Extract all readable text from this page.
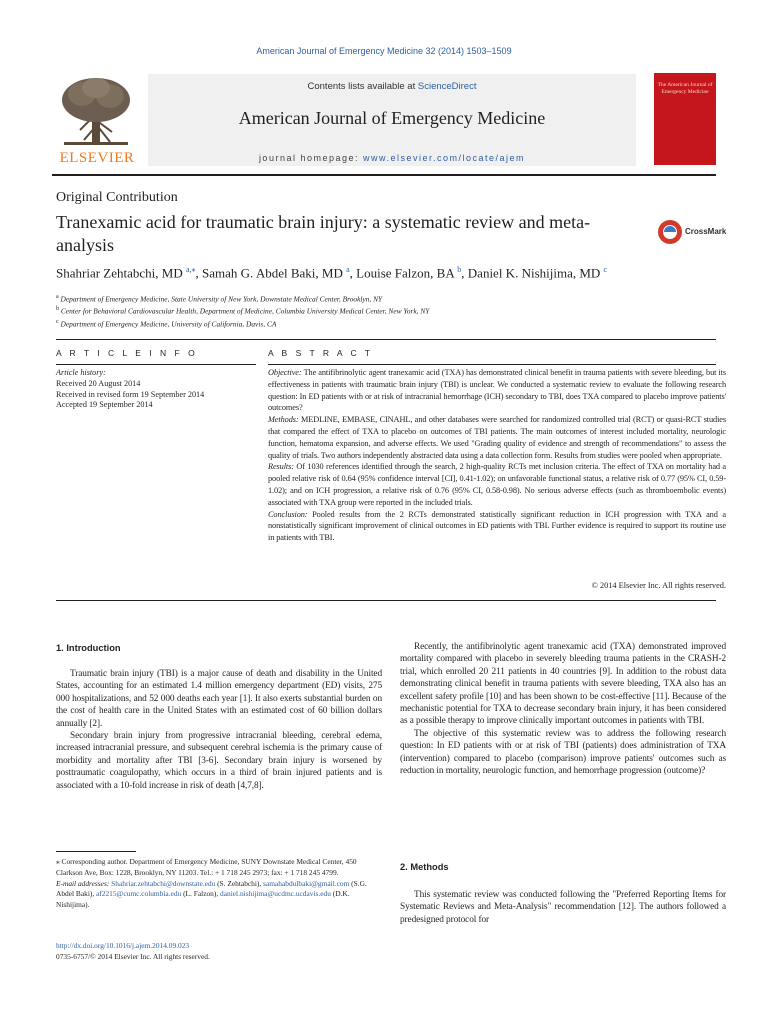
American Journal of Emergency Medicine 32 (2014) 1503–1509
ELSEVIER
Contents lists available at ScienceDirect
American Journal of Emergency Medicine
journal homepage: www.elsevier.com/locate/ajem
The American Journal of Emergency Medicine
Original Contribution
Tranexamic acid for traumatic brain injury: a systematic review and meta-analysis
CrossMark
Shahriar Zehtabchi, MD $^{a,⁎}$, Samah G. Abdel Baki, MD $^a$, Louise Falzon, BA $^b$, Daniel K. Nishijima, MD $^c$
$^a$ Department of Emergency Medicine, State University of New York, Downstate Medical Center, Brooklyn, NY
$^b$ Center for Behavioral Cardiovascular Health, Department of Medicine, Columbia University Medical Center, New York, NY
$^c$ Department of Emergency Medicine, University of California, Davis, CA
A R T I C L E I N F O	A B S T R A C T
Article history:
Received 20 August 2014
Received in revised form 19 September 2014
Accepted 19 September 2014
Objective: The antifibrinolytic agent tranexamic acid (TXA) has demonstrated clinical benefit in trauma patients with severe bleeding, but its effectiveness in patients with traumatic brain injury (TBI) is unclear. We conducted a systematic review to evaluate the following research question: In ED patients with or at risk of intracranial hemorrhage (ICH) secondary to TBI, does TXA compared to placebo improve patients' outcomes?
Methods: MEDLINE, EMBASE, CINAHL, and other databases were searched for randomized controlled trial (RCT) or quasi-RCT studies that compared the effect of TXA to placebo on outcomes of TBI patients. The main outcomes of interest included mortality, neurologic function, hematoma expansion, and adverse effects. We used "Grading quality of evidence and strength of recommendations" to assess the quality of trials. Two authors independently abstracted data using a data collection form. Results from studies were pooled when appropriate.
Results: Of 1030 references identified through the search, 2 high-quality RCTs met inclusion criteria. The effect of TXA on mortality had a pooled relative risk of 0.64 (95% confidence interval [CI], 0.41-1.02); on unfavorable functional status, a relative risk of 0.77 (95% CI, 0.59-1.02); and on ICH progression, a relative risk of 0.76 (95% CI, 0.58-0.98). No serious adverse effects (such as thromboembolic events) associated with TXA group were reported in the included trials.
Conclusion: Pooled results from the 2 RCTs demonstrated statistically significant reduction in ICH progression with TXA and a nonstatistically significant improvement of clinical outcomes in ED patients with TBI. Further evidence is required to support its routine use in patients with TBI.
© 2014 Elsevier Inc. All rights reserved.
1. Introduction

Traumatic brain injury (TBI) is a major cause of death and disability in the United States, accounting for an estimated 1.4 million emergency department (ED) visits, 275 000 hospitalizations, and 52 000 deaths each year [1]. It also exerts substantial burden on the cost of health care in the United States with an estimated cost of 60 billion dollars annually [2].

Secondary brain injury from progressive intracranial bleeding, cerebral edema, increased intracranial pressure, and subsequent cerebral ischemia is the primary cause of morbidity and mortality after TBI [3-6]. Secondary brain injury is worsened by posttraumatic coagulopathy, which occurs in a third of brain injured patients and is associated with a 10-fold increase in risk of death [4,7,8].

Recently, the antifibrinolytic agent tranexamic acid (TXA) demonstrated improved mortality compared with placebo in severely bleeding trauma patients in the CRASH-2 trial, which enrolled 20 211 patients in 40 countries [9]. In addition to the robust data demonstrating clinical benefit in trauma patients with severe bleeding, TXA also has an excellent safety profile [10] and has been shown to be cost-effective [11]. Because of the mechanistic potential for TXA to decrease secondary brain injury, it has been considered as a possible therapy to improve clinically important outcomes in patients with TBI.

The objective of this systematic review was to address the following research question: In ED patients with or at risk of TBI (patients) does administration of TXA (intervention) compared to placebo (comparison) improve patients' outcomes such as reduction in mortality, neurologic function, and hemorrhage progression (outcome)?

2. Methods

This systematic review was conducted following the "Preferred Reporting Items for Systematic Reviews and Meta-Analysis" recommendation [12]. The authors followed a predesigned protocol for

⁎ Corresponding author. Department of Emergency Medicine, SUNY Downstate Medical Center, 450 Clarkson Ave, Box: 1228, Brooklyn, NY 11203. Tel.: + 1 718 245 2973; fax: + 1 718 245 4799.
E-mail addresses: Shahriar.zehtabchi@downstate.edu (S. Zehtabchi), samahabdulbaki@gmail.com (S.G. Abdel Baki), af2215@cumc.columbia.edu (L. Falzon), daniel.nishijima@ucdmc.ucdavis.edu (D.K. Nishijima).
http://dx.doi.org/10.1016/j.ajem.2014.09.023
0735-6757/© 2014 Elsevier Inc. All rights reserved.
